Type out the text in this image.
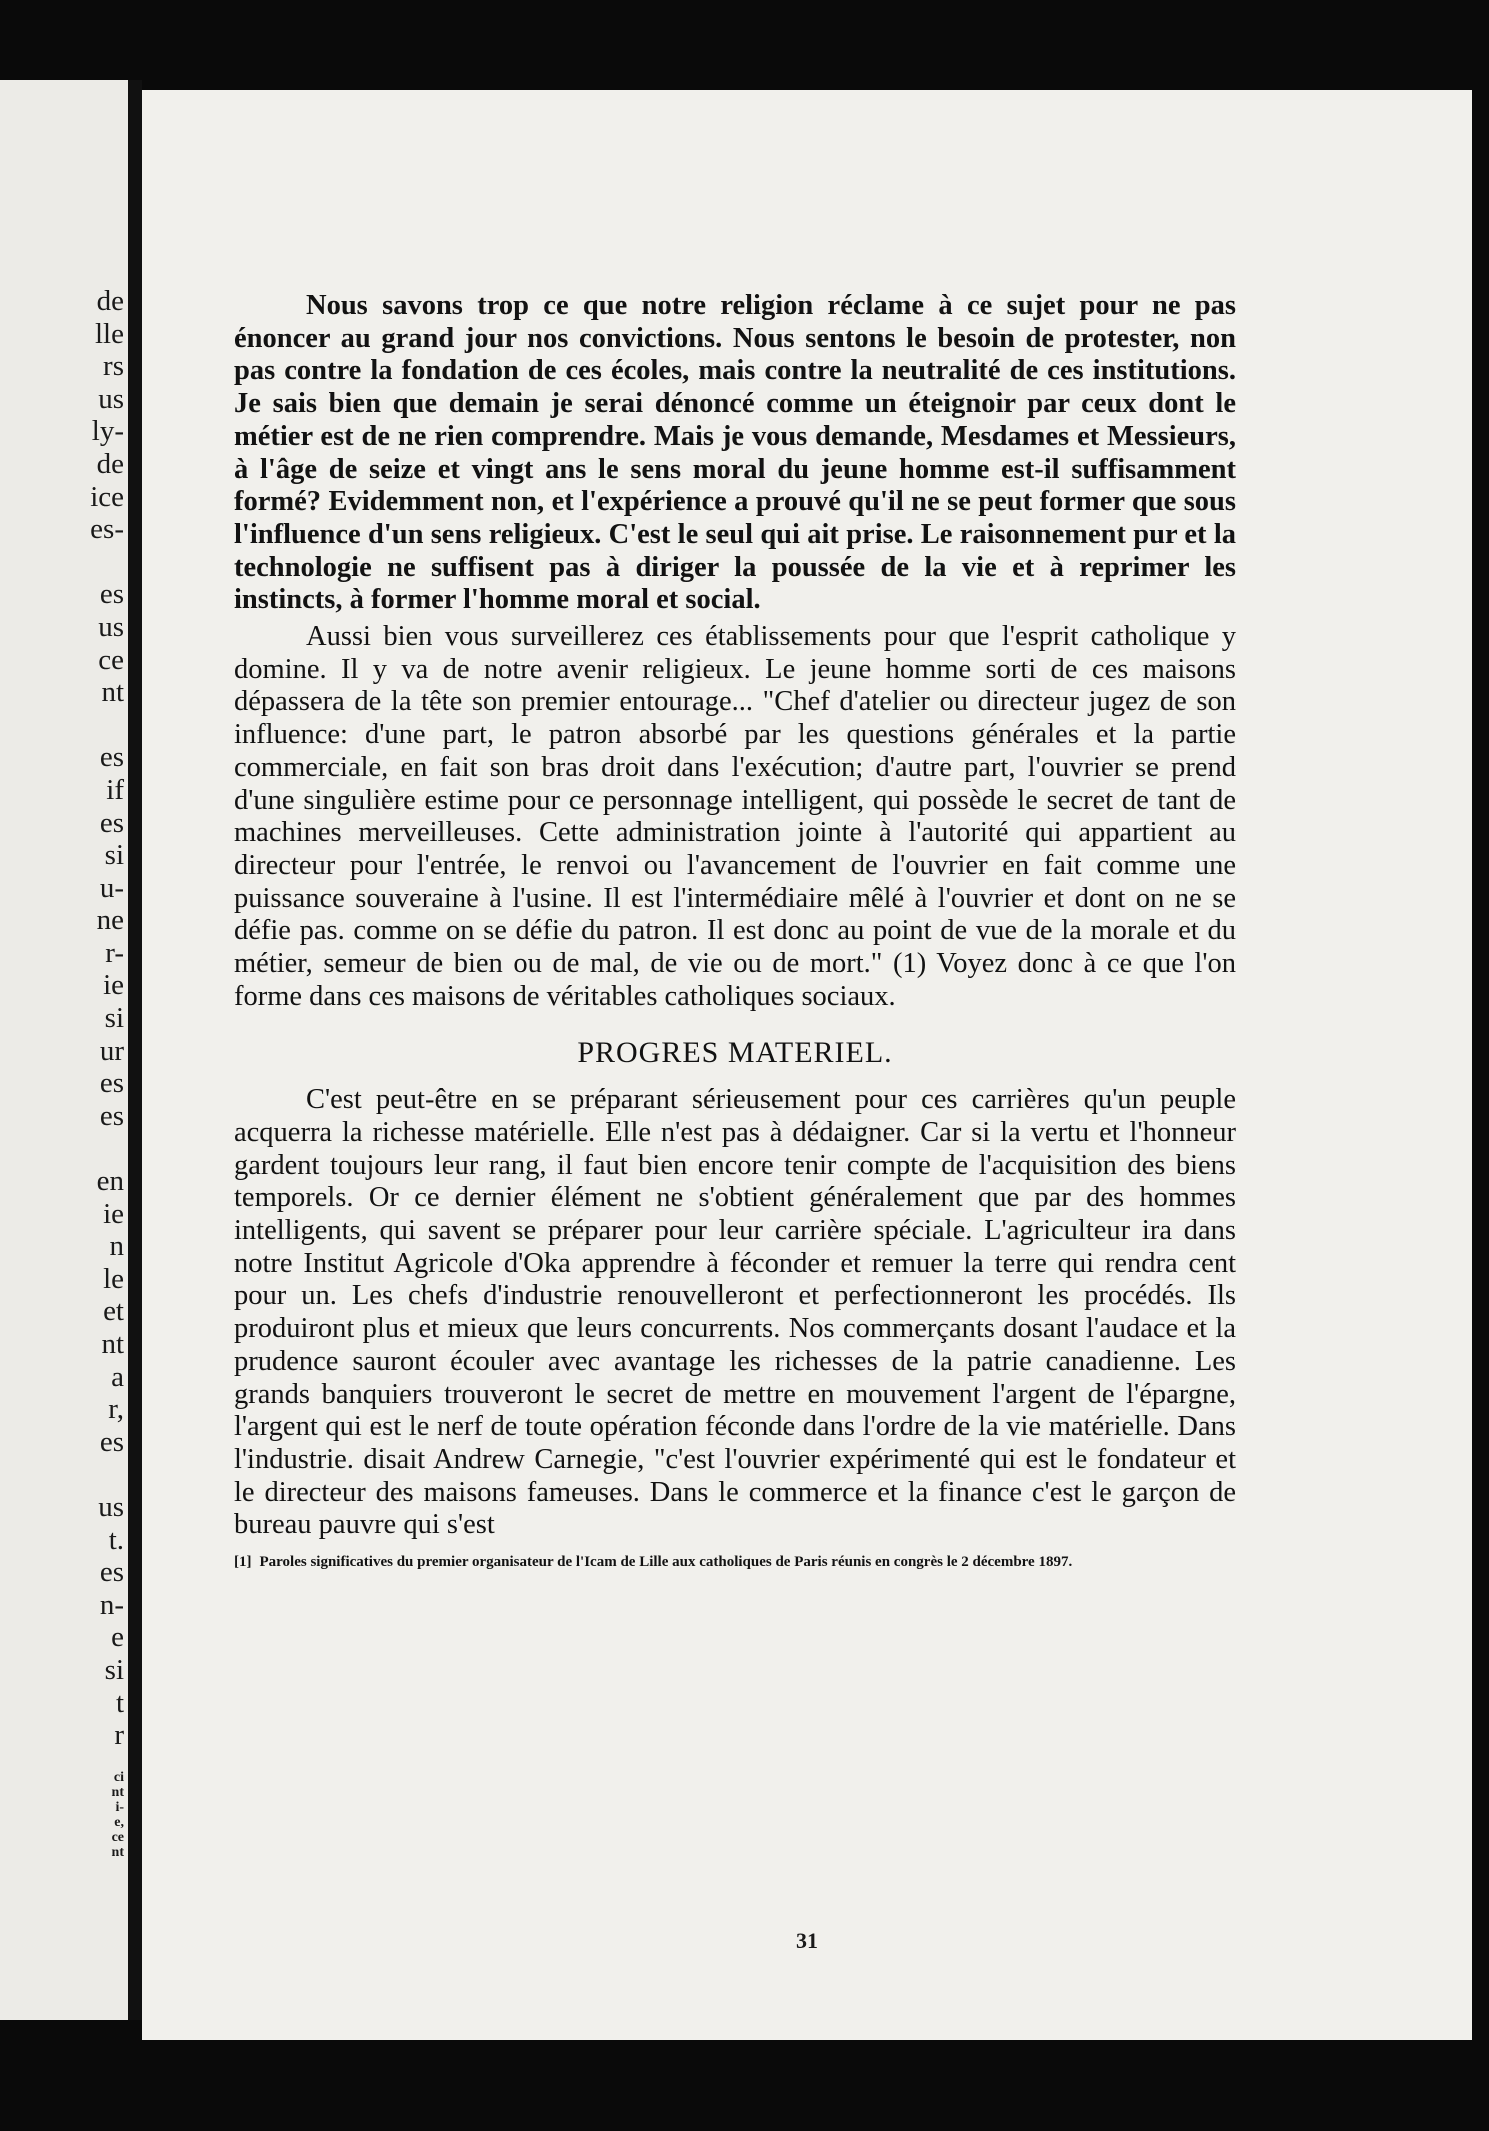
de
lle
rs
us
ly-
de
ice
es-
es
us
ce
nt
es
if
es
si
u-
ne
r-
ie
si
ur
es
es
en
ie
n
le
et
nt
a
r,
es
us
t.
es
n-
e
si
t
r
ci
nt
i-
e,
ce
nt

Nous savons trop ce que notre religion réclame à ce sujet pour ne pas énoncer au grand jour nos convictions. Nous sentons le besoin de protester, non pas contre la fondation de ces écoles, mais contre la neutralité de ces institutions. Je sais bien que demain je serai dénoncé comme un éteignoir par ceux dont le métier est de ne rien comprendre. Mais je vous demande, Mesdames et Messieurs, à l'âge de seize et vingt ans le sens moral du jeune homme est-il suffisamment formé? Evidemment non, et l'expérience a prouvé qu'il ne se peut former que sous l'influence d'un sens religieux. C'est le seul qui ait prise. Le raisonnement pur et la technologie ne suffisent pas à diriger la poussée de la vie et à reprimer les instincts, à former l'homme moral et social.

Aussi bien vous surveillerez ces établissements pour que l'esprit catholique y domine. Il y va de notre avenir religieux. Le jeune homme sorti de ces maisons dépassera de la tête son premier entourage... "Chef d'atelier ou directeur jugez de son influence: d'une part, le patron absorbé par les questions générales et la partie commerciale, en fait son bras droit dans l'exécution; d'autre part, l'ouvrier se prend d'une singulière estime pour ce personnage intelligent, qui possède le secret de tant de machines merveilleuses. Cette administration jointe à l'autorité qui appartient au directeur pour l'entrée, le renvoi ou l'avancement de l'ouvrier en fait comme une puissance souveraine à l'usine. Il est l'intermédiaire mêlé à l'ouvrier et dont on ne se défie pas. comme on se défie du patron. Il est donc au point de vue de la morale et du métier, semeur de bien ou de mal, de vie ou de mort." (1) Voyez donc à ce que l'on forme dans ces maisons de véritables catholiques sociaux.

PROGRES MATERIEL.

C'est peut-être en se préparant sérieusement pour ces carrières qu'un peuple acquerra la richesse matérielle. Elle n'est pas à dédaigner. Car si la vertu et l'honneur gardent toujours leur rang, il faut bien encore tenir compte de l'acquisition des biens temporels. Or ce dernier élément ne s'obtient généralement que par des hommes intelligents, qui savent se préparer pour leur carrière spéciale. L'agriculteur ira dans notre Institut Agricole d'Oka apprendre à féconder et remuer la terre qui rendra cent pour un. Les chefs d'industrie renouvelleront et perfectionneront les procédés. Ils produiront plus et mieux que leurs concurrents. Nos commerçants dosant l'audace et la prudence sauront écouler avec avantage les richesses de la patrie canadienne. Les grands banquiers trouveront le secret de mettre en mouvement l'argent de l'épargne, l'argent qui est le nerf de toute opération féconde dans l'ordre de la vie matérielle. Dans l'industrie. disait Andrew Carnegie, "c'est l'ouvrier expérimenté qui est le fondateur et le directeur des maisons fameuses. Dans le commerce et la finance c'est le garçon de bureau pauvre qui s'est

[1] Paroles significatives du premier organisateur de l'Icam de Lille aux catholiques de Paris réunis en congrès le 2 décembre 1897.
31
